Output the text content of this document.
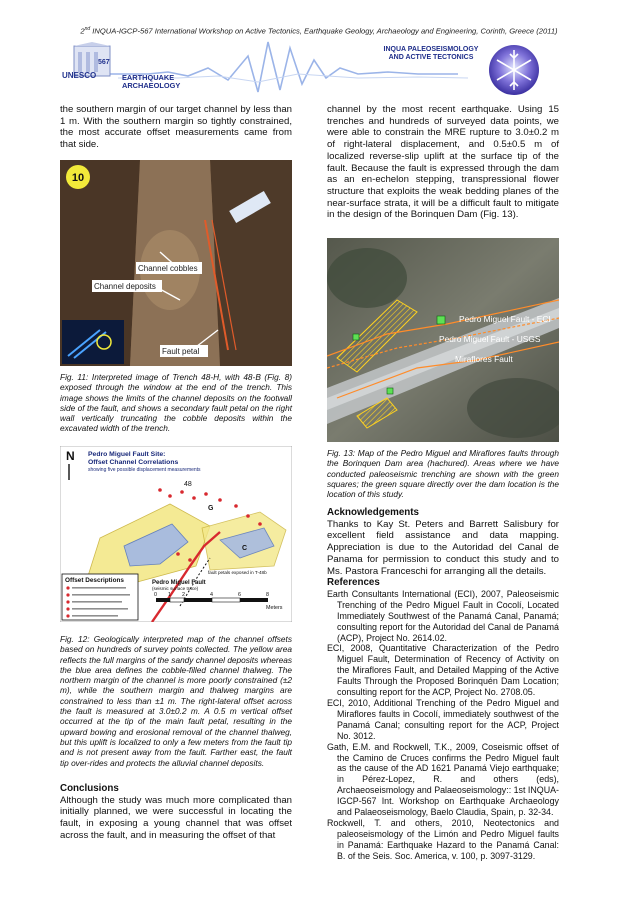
2nd INQUA-IGCP-567 International Workshop on Active Tectonics, Earthquake Geology, Archaeology and Engineering, Corinth, Greece (2011)
UNESCO
567
EARTHQUAKE
ARCHAEOLOGY
INQUA PALEOSEISMOLOGY
AND ACTIVE TECTONICS

the southern margin of our target channel by less than 1 m. With the southern margin so tightly constrained, the most accurate offset measurements came from that side.

10
Channel cobbles
Channel deposits
Fault petal

Fig. 11: Interpreted image of Trench 48-H, with 48-B (Fig. 8) exposed through the window at the end of the trench. This image shows the limits of the channel deposits on the footwall side of the fault, and shows a secondary fault petal on the right wall vertically truncating the cobble deposits within the excavated width of the trench.

N Pedro Miguel Fault Site:
Offset Channel Correlations
showing five possible displacement measurements
48
G
C
fault petals exposed in T-48b
Pedro Miguel Fault
(seismic surface trace)
0 1 2	4	6	8
Meters
Offset Descriptions

Fig. 12: Geologically interpreted map of the channel offsets based on hundreds of survey points collected. The yellow area reflects the full margins of the sandy channel deposits whereas the blue area defines the cobble-filled channel thalweg. The northern margin of the channel is more poorly constrained (±2 m), while the southern margin and thalweg margins are constrained to less than ±1 m. The right-lateral offset across the fault is measured at 3.0±0.2 m. A 0.5 m vertical offset occurred at the tip of the main fault petal, resulting in the upward bowing and erosional removal of the channel thalweg, but this uplift is localized to only a few meters from the fault tip and is not present away from the fault. Farther east, the fault tip over-rides and protects the alluvial channel deposits.

Conclusions

Although the study was much more complicated than initially planned, we were successful in locating the fault, in exposing a young channel that was offset across the fault, and in measuring the offset of that

channel by the most recent earthquake. Using 15 trenches and hundreds of surveyed data points, we were able to constrain the MRE rupture to 3.0±0.2 m of right-lateral displacement, and 0.5±0.5 m of localized reverse-slip uplift at the surface tip of the fault. Because the fault is expressed through the dam as an en-echelon stepping, transpressional flower structure that exploits the weak bedding planes of the near-surface strata, it will be a difficult fault to mitigate in the design of the Borinquen Dam (Fig. 13).

Pedro Miguel Fault - ECI
Pedro Miguel Fault - USGS
Miraflores Fault

Fig. 13: Map of the Pedro Miguel and Miraflores faults through the Borinquen Dam area (hachured). Areas where we have conducted paleoseismic trenching are shown with the green squares; the green square directly over the dam location is the location of this study.

Acknowledgements

Thanks to Kay St. Peters and Barrett Salisbury for excellent field assistance and data mapping. Appreciation is due to the Autoridad del Canal de Panama for permission to conduct this study and to Ms. Pastora Franceschi for arranging all the details.

References

Earth Consultants International (ECI), 2007, Paleoseismic Trenching of the Pedro Miguel Fault in Cocolí, Located Immediately Southwest of the Panamá Canal, Panamá; consulting report for the Autoridad del Canal de Panamá (ACP), Project No. 2614.02.

ECI, 2008, Quantitative Characterization of the Pedro Miguel Fault, Determination of Recency of Activity on the Miraflores Fault, and Detailed Mapping of the Active Faults Through the Proposed Borinquén Dam Location; consulting report for the ACP, Project No. 2708.05.

ECI, 2010, Additional Trenching of the Pedro Miguel and Miraflores faults in Cocolí, immediately southwest of the Panamá Canal; consulting report for the ACP, Project No. 3012.

Gath, E.M. and Rockwell, T.K., 2009, Coseismic offset of the Camino de Cruces confirms the Pedro Miguel fault as the cause of the AD 1621 Panamá Viejo earthquake; in Pérez-Lopez, R. and others (eds), Archaeoseismology and Palaeoseismology:: 1st INQUA-IGCP-567 Int. Workshop on Earthquake Archaeology and Palaeoseismology, Baelo Claudia, Spain, p. 32-34.

Rockwell, T. and others, 2010, Neotectonics and paleoseismology of the Limón and Pedro Miguel faults in Panamá: Earthquake Hazard to the Panamá Canal: B. of the Seis. Soc. America, v. 100, p. 3097-3129.
